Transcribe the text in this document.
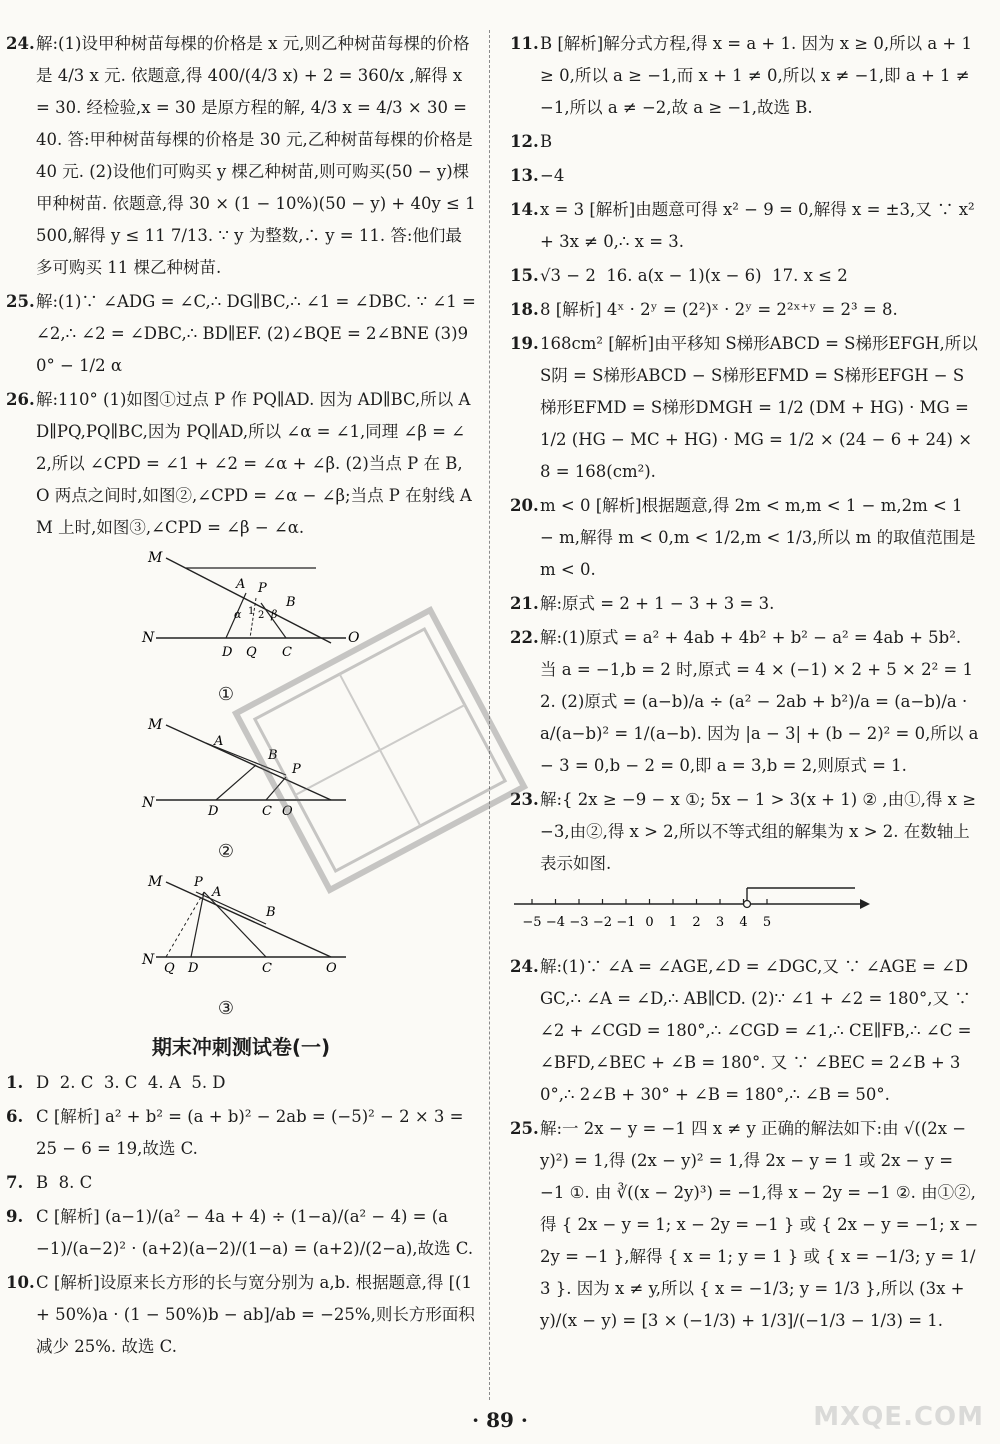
24. 解:(1)设甲种树苗每棵的价格是 x 元,则乙种树苗每棵的价格是 4/3 x 元. 依题意,得 400/(4/3 x) + 2 = 360/x ,解得 x = 30. 经检验,x = 30 是原方程的解, 4/3 x = 4/3 × 30 = 40. 答:甲种树苗每棵的价格是 30 元,乙种树苗每棵的价格是 40 元. (2)设他们可购买 y 棵乙种树苗,则可购买(50 − y)棵甲种树苗. 依题意,得 30 × (1 − 10%)(50 − y) + 40y ≤ 1 500,解得 y ≤ 11 7/13. ∵ y 为整数,∴ y = 11. 答:他们最多可购买 11 棵乙种树苗.
25. 解:(1)∵ ∠ADG = ∠C,∴ DG∥BC,∴ ∠1 = ∠DBC. ∵ ∠1 = ∠2,∴ ∠2 = ∠DBC,∴ BD∥EF. (2)∠BQE = 2∠BNE (3)90° − 1/2 α
26. 解:110° (1)如图①过点 P 作 PQ∥AD. 因为 AD∥BC,所以 AD∥PQ,PQ∥BC,因为 PQ∥AD,所以 ∠α = ∠1,同理 ∠β = ∠2,所以 ∠CPD = ∠1 + ∠2 = ∠α + ∠β. (2)当点 P 在 B,O 两点之间时,如图②,∠CPD = ∠α − ∠β;当点 P 在射线 AM 上时,如图③,∠CPD = ∠β − ∠α.
M
A P
B
α 1 2 β
N
D Q C
O
①
M
A
B
P
N
D	C O
②
M P
A
B
N
Q D	C	O
③
期末冲刺测试卷(一)
1. D  2. C  3. C  4. A  5. D
6. C [解析] a² + b² = (a + b)² − 2ab = (−5)² − 2 × 3 = 25 − 6 = 19,故选 C.
7. B  8. C
9. C [解析] (a−1)/(a² − 4a + 4) ÷ (1−a)/(a² − 4) = (a−1)/(a−2)² · (a+2)(a−2)/(1−a) = (a+2)/(2−a),故选 C.
10. C [解析]设原来长方形的长与宽分别为 a,b. 根据题意,得 [(1 + 50%)a · (1 − 50%)b − ab]/ab = −25%,则长方形面积减少 25%. 故选 C.
11. B [解析]解分式方程,得 x = a + 1. 因为 x ≥ 0,所以 a + 1 ≥ 0,所以 a ≥ −1,而 x + 1 ≠ 0,所以 x ≠ −1,即 a + 1 ≠ −1,所以 a ≠ −2,故 a ≥ −1,故选 B.
12. B
13. −4
14. x = 3 [解析]由题意可得 x² − 9 = 0,解得 x = ±3,又 ∵ x² + 3x ≠ 0,∴ x = 3.
15. √3 − 2  16. a(x − 1)(x − 6)  17. x ≤ 2
18. 8 [解析] 4ˣ · 2ʸ = (2²)ˣ · 2ʸ = 2²ˣ⁺ʸ = 2³ = 8.
19. 168cm² [解析]由平移知 S梯形ABCD = S梯形EFGH,所以 S阴 = S梯形ABCD − S梯形EFMD = S梯形EFGH − S梯形EFMD = S梯形DMGH = 1/2 (DM + HG) · MG = 1/2 (HG − MC + HG) · MG = 1/2 × (24 − 6 + 24) × 8 = 168(cm²).
20. m < 0 [解析]根据题意,得 2m < m,m < 1 − m,2m < 1 − m,解得 m < 0,m < 1/2,m < 1/3,所以 m 的取值范围是 m < 0.
21. 解:原式 = 2 + 1 − 3 + 3 = 3.
22. 解:(1)原式 = a² + 4ab + 4b² + b² − a² = 4ab + 5b². 当 a = −1,b = 2 时,原式 = 4 × (−1) × 2 + 5 × 2² = 12. (2)原式 = (a−b)/a ÷ (a² − 2ab + b²)/a = (a−b)/a · a/(a−b)² = 1/(a−b). 因为 |a − 3| + (b − 2)² = 0,所以 a − 3 = 0,b − 2 = 0,即 a = 3,b = 2,则原式 = 1.
23. 解:{ 2x ≥ −9 − x ①; 5x − 1 > 3(x + 1) ② ,由①,得 x ≥ −3,由②,得 x > 2,所以不等式组的解集为 x > 2. 在数轴上表示如图.
−5 −4 −3 −2 −1 0 1 2 3 4 5
24. 解:(1)∵ ∠A = ∠AGE,∠D = ∠DGC,又 ∵ ∠AGE = ∠DGC,∴ ∠A = ∠D,∴ AB∥CD. (2)∵ ∠1 + ∠2 = 180°,又 ∵ ∠2 + ∠CGD = 180°,∴ ∠CGD = ∠1,∴ CE∥FB,∴ ∠C = ∠BFD,∠BEC + ∠B = 180°. 又 ∵ ∠BEC = 2∠B + 30°,∴ 2∠B + 30° + ∠B = 180°,∴ ∠B = 50°.
25. 解:一 2x − y = −1 四 x ≠ y 正确的解法如下:由 √((2x − y)²) = 1,得 (2x − y)² = 1,得 2x − y = 1 或 2x − y = −1 ①. 由 ∛((x − 2y)³) = −1,得 x − 2y = −1 ②. 由①②,得 { 2x − y = 1; x − 2y = −1 } 或 { 2x − y = −1; x − 2y = −1 },解得 { x = 1; y = 1 } 或 { x = −1/3; y = 1/3 }. 因为 x ≠ y,所以 { x = −1/3; y = 1/3 },所以 (3x + y)/(x − y) = [3 × (−1/3) + 1/3]/(−1/3 − 1/3) = 1.
· 89 ·	MXQE.COM
